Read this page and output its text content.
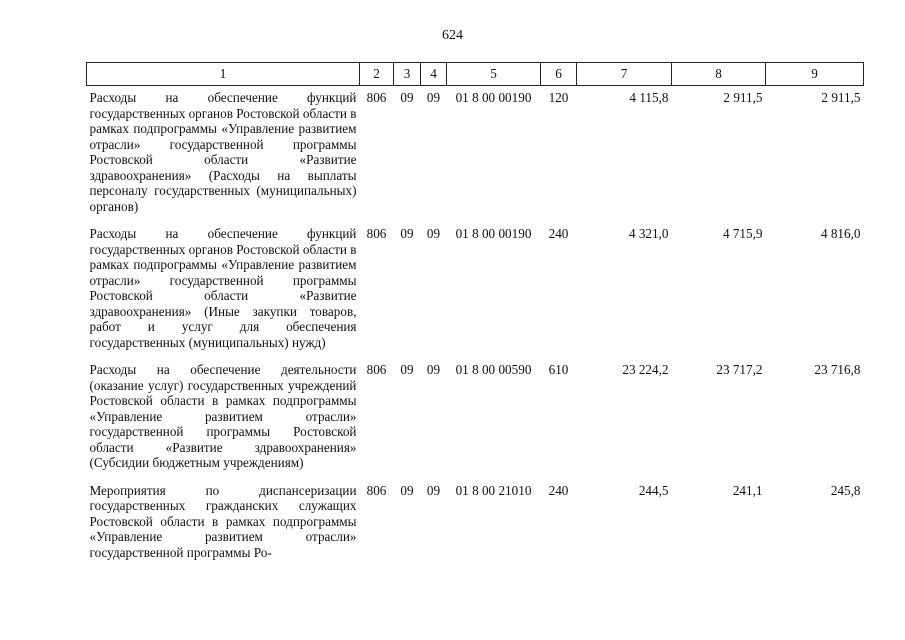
624
1	2	3	4	5	6	7	8	9
Расходы на обеспечение функций государственных органов Ростовской области в рамках подпрограммы «Управление развитием отрасли» государственной программы Ростовской области «Развитие здравоохранения» (Расходы на выплаты персоналу государственных (муниципальных) органов)	806	09	09	01 8 00 00190	120	4 115,8	2 911,5	2 911,5
Расходы на обеспечение функций государственных органов Ростовской области в рамках подпрограммы «Управление развитием отрасли» государственной программы Ростовской области «Развитие здравоохранения» (Иные закупки товаров, работ и услуг для обеспечения государственных (муниципальных) нужд)	806	09	09	01 8 00 00190	240	4 321,0	4 715,9	4 816,0
Расходы на обеспечение деятельности (оказание услуг) государственных учреждений Ростовской области в рамках подпрограммы «Управление развитием отрасли» государственной программы Ростовской области «Развитие здравоохранения» (Субсидии бюджетным учреждениям)	806	09	09	01 8 00 00590	610	23 224,2	23 717,2	23 716,8
Мероприятия по диспансеризации государственных гражданских служащих Ростовской области в рамках подпрограммы «Управление развитием отрасли» государственной программы Ро-	806	09	09	01 8 00 21010	240	244,5	241,1	245,8
